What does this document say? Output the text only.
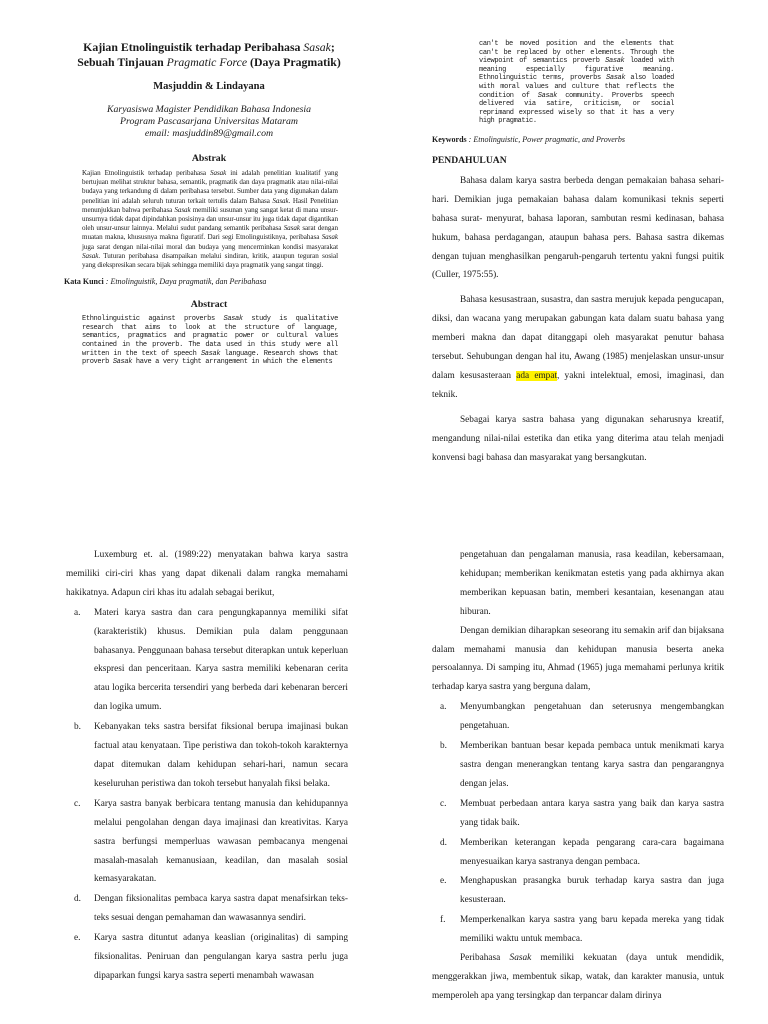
Kajian Etnolinguistik terhadap Peribahasa Sasak;
Sebuah Tinjauan Pragmatic Force (Daya Pragmatik)
Masjuddin & Lindayana
Karyasiswa Magister Pendidikan Bahasa Indonesia
Program Pascasarjana Universitas Mataram
email: masjuddin89@gmail.com
Abstrak

Kajian Etnolinguistik terhadap peribahasa Sasak ini adalah penelitian kualitatif yang bertujuan melihat struktur bahasa, semantik, pragmatik dan daya pragmatik atau nilai-nilai budaya yang terkandung di dalam peribahasa tersebut. Sumber data yang digunakan dalam penelitian ini adalah seluruh tuturan terkait tertulis dalam Bahasa Sasak. Hasil Penelitian menunjukkan bahwa peribahasa Sasak memiliki susunan yang sangat ketat di mana unsur-unsurnya tidak dapat dipindahkan posisinya dan unsur-unsur itu juga tidak dapat digantikan oleh unsur-unsur lainnya. Melalui sudut pandang semantik peribahasa Sasak sarat dengan muatan makna, khususnya makna figuratif. Dari segi Etnolinguistiknya, peribahasa Sasak juga sarat dengan nilai-nilai moral dan budaya yang mencerminkan kondisi masyarakat Sasak. Tuturan peribahasa disampaikan melalui sindiran, kritik, ataupun teguran sosial yang diekspresikan secara bijak sehingga memiliki daya pragmatik yang sangat tinggi.

Kata Kunci : Etnolinguistik, Daya pragmatik, dan Peribahasa
Abstract

Ethnolinguistic against proverbs Sasak study is qualitative research that aims to look at the structure of language, semantics, pragmatics and pragmatic power or cultural values contained in the proverb. The data used in this study were all written in the text of speech Sasak language. Research shows that proverb Sasak have a very tight arrangement in which the elements

can't be moved position and the elements that can't be replaced by other elements. Through the viewpoint of semantics proverb Sasak loaded with meaning especially figurative meaning. Ethnolinguistic terms, proverbs Sasak also loaded with moral values and culture that reflects the condition of Sasak community. Proverbs speech delivered via satire, criticism, or social reprimand expressed wisely so that it has a very high pragmatic.

Keywords : Etnolinguistic, Power pragmatic, and Proverbs
PENDAHULUAN

Bahasa dalam karya sastra berbeda dengan pemakaian bahasa sehari-hari. Demikian juga pemakaian bahasa dalam komunikasi teknis seperti bahasa surat- menyurat, bahasa laporan, sambutan resmi kedinasan, bahasa hukum, bahasa perdagangan, ataupun bahasa pers. Bahasa sastra dikemas dengan tujuan menghasilkan pengaruh-pengaruh tertentu yakni fungsi puitik (Culler, 1975:55).

Bahasa kesusastraan, susastra, dan sastra merujuk kepada pengucapan, diksi, dan wacana yang merupakan gabungan kata dalam suatu bahasa yang memberi makna dan dapat ditanggapi oleh masyarakat penutur bahasa tersebut. Sehubungan dengan hal itu, Awang (1985) menjelaskan unsur-unsur dalam kesusasteraan ada empat, yakni intelektual, emosi, imaginasi, dan teknik.

Sebagai karya sastra bahasa yang digunakan seharusnya kreatif, mengandung nilai-nilai estetika dan etika yang diterima atau telah menjadi konvensi bagi bahasa dan masyarakat yang bersangkutan.

Luxemburg et. al. (1989:22) menyatakan bahwa karya sastra memiliki ciri-ciri khas yang dapat dikenali dalam rangka memahami hakikatnya. Adapun ciri khas itu adalah sebagai berikut,

a. Materi karya sastra dan cara pengungkapannya memiliki sifat (karakteristik) khusus. Demikian pula dalam penggunaan bahasanya. Penggunaan bahasa tersebut diterapkan untuk keperluan ekspresi dan penceritaan. Karya sastra memiliki kebenaran cerita atau logika bercerita tersendiri yang berbeda dari kebenaran berceri dan logika umum.
b. Kebanyakan teks sastra bersifat fiksional berupa imajinasi bukan factual atau kenyataan. Tipe peristiwa dan tokoh-tokoh karakternya dapat ditemukan dalam kehidupan sehari-hari, namun secara keseluruhan peristiwa dan tokoh tersebut hanyalah fiksi belaka.
c. Karya sastra banyak berbicara tentang manusia dan kehidupannya melalui pengolahan dengan daya imajinasi dan kreativitas. Karya sastra berfungsi memperluas wawasan pembacanya mengenai masalah-masalah kemanusiaan, keadilan, dan masalah sosial kemasyarakatan.
d. Dengan fiksionalitas pembaca karya sastra dapat menafsirkan teks-teks sesuai dengan pemahaman dan wawasannya sendiri.
e. Karya sastra dituntut adanya keaslian (originalitas) di samping fiksionalitas. Peniruan dan pengulangan karya sastra perlu juga dipaparkan fungsi karya sastra seperti menambah wawasan

pengetahuan dan pengalaman manusia, rasa keadilan, kebersamaan, kehidupan; memberikan kenikmatan estetis yang pada akhirnya akan memberikan kepuasan batin, memberi kesantaian, kesenangan atau hiburan.

Dengan demikian diharapkan seseorang itu semakin arif dan bijaksana dalam memahami manusia dan kehidupan manusia beserta aneka persoalannya. Di samping itu, Ahmad (1965) juga memahami perlunya kritik terhadap karya sastra yang berguna dalam,

a. Menyumbangkan pengetahuan dan seterusnya mengembangkan pengetahuan.
b. Memberikan bantuan besar kepada pembaca untuk menikmati karya sastra dengan menerangkan tentang karya sastra dan pengarangnya dengan jelas.
c. Membuat perbedaan antara karya sastra yang baik dan karya sastra yang tidak baik.
d. Memberikan keterangan kepada pengarang cara-cara bagaimana menyesuaikan karya sastranya dengan pembaca.
e. Menghapuskan prasangka buruk terhadap karya sastra dan juga kesusteraan.
f. Memperkenalkan karya sastra yang baru kepada mereka yang tidak memiliki waktu untuk membaca.

Peribahasa Sasak memiliki kekuatan (daya untuk mendidik, menggerakkan jiwa, membentuk sikap, watak, dan karakter manusia, untuk memperoleh apa yang tersingkap dan terpancar dalam dirinya
